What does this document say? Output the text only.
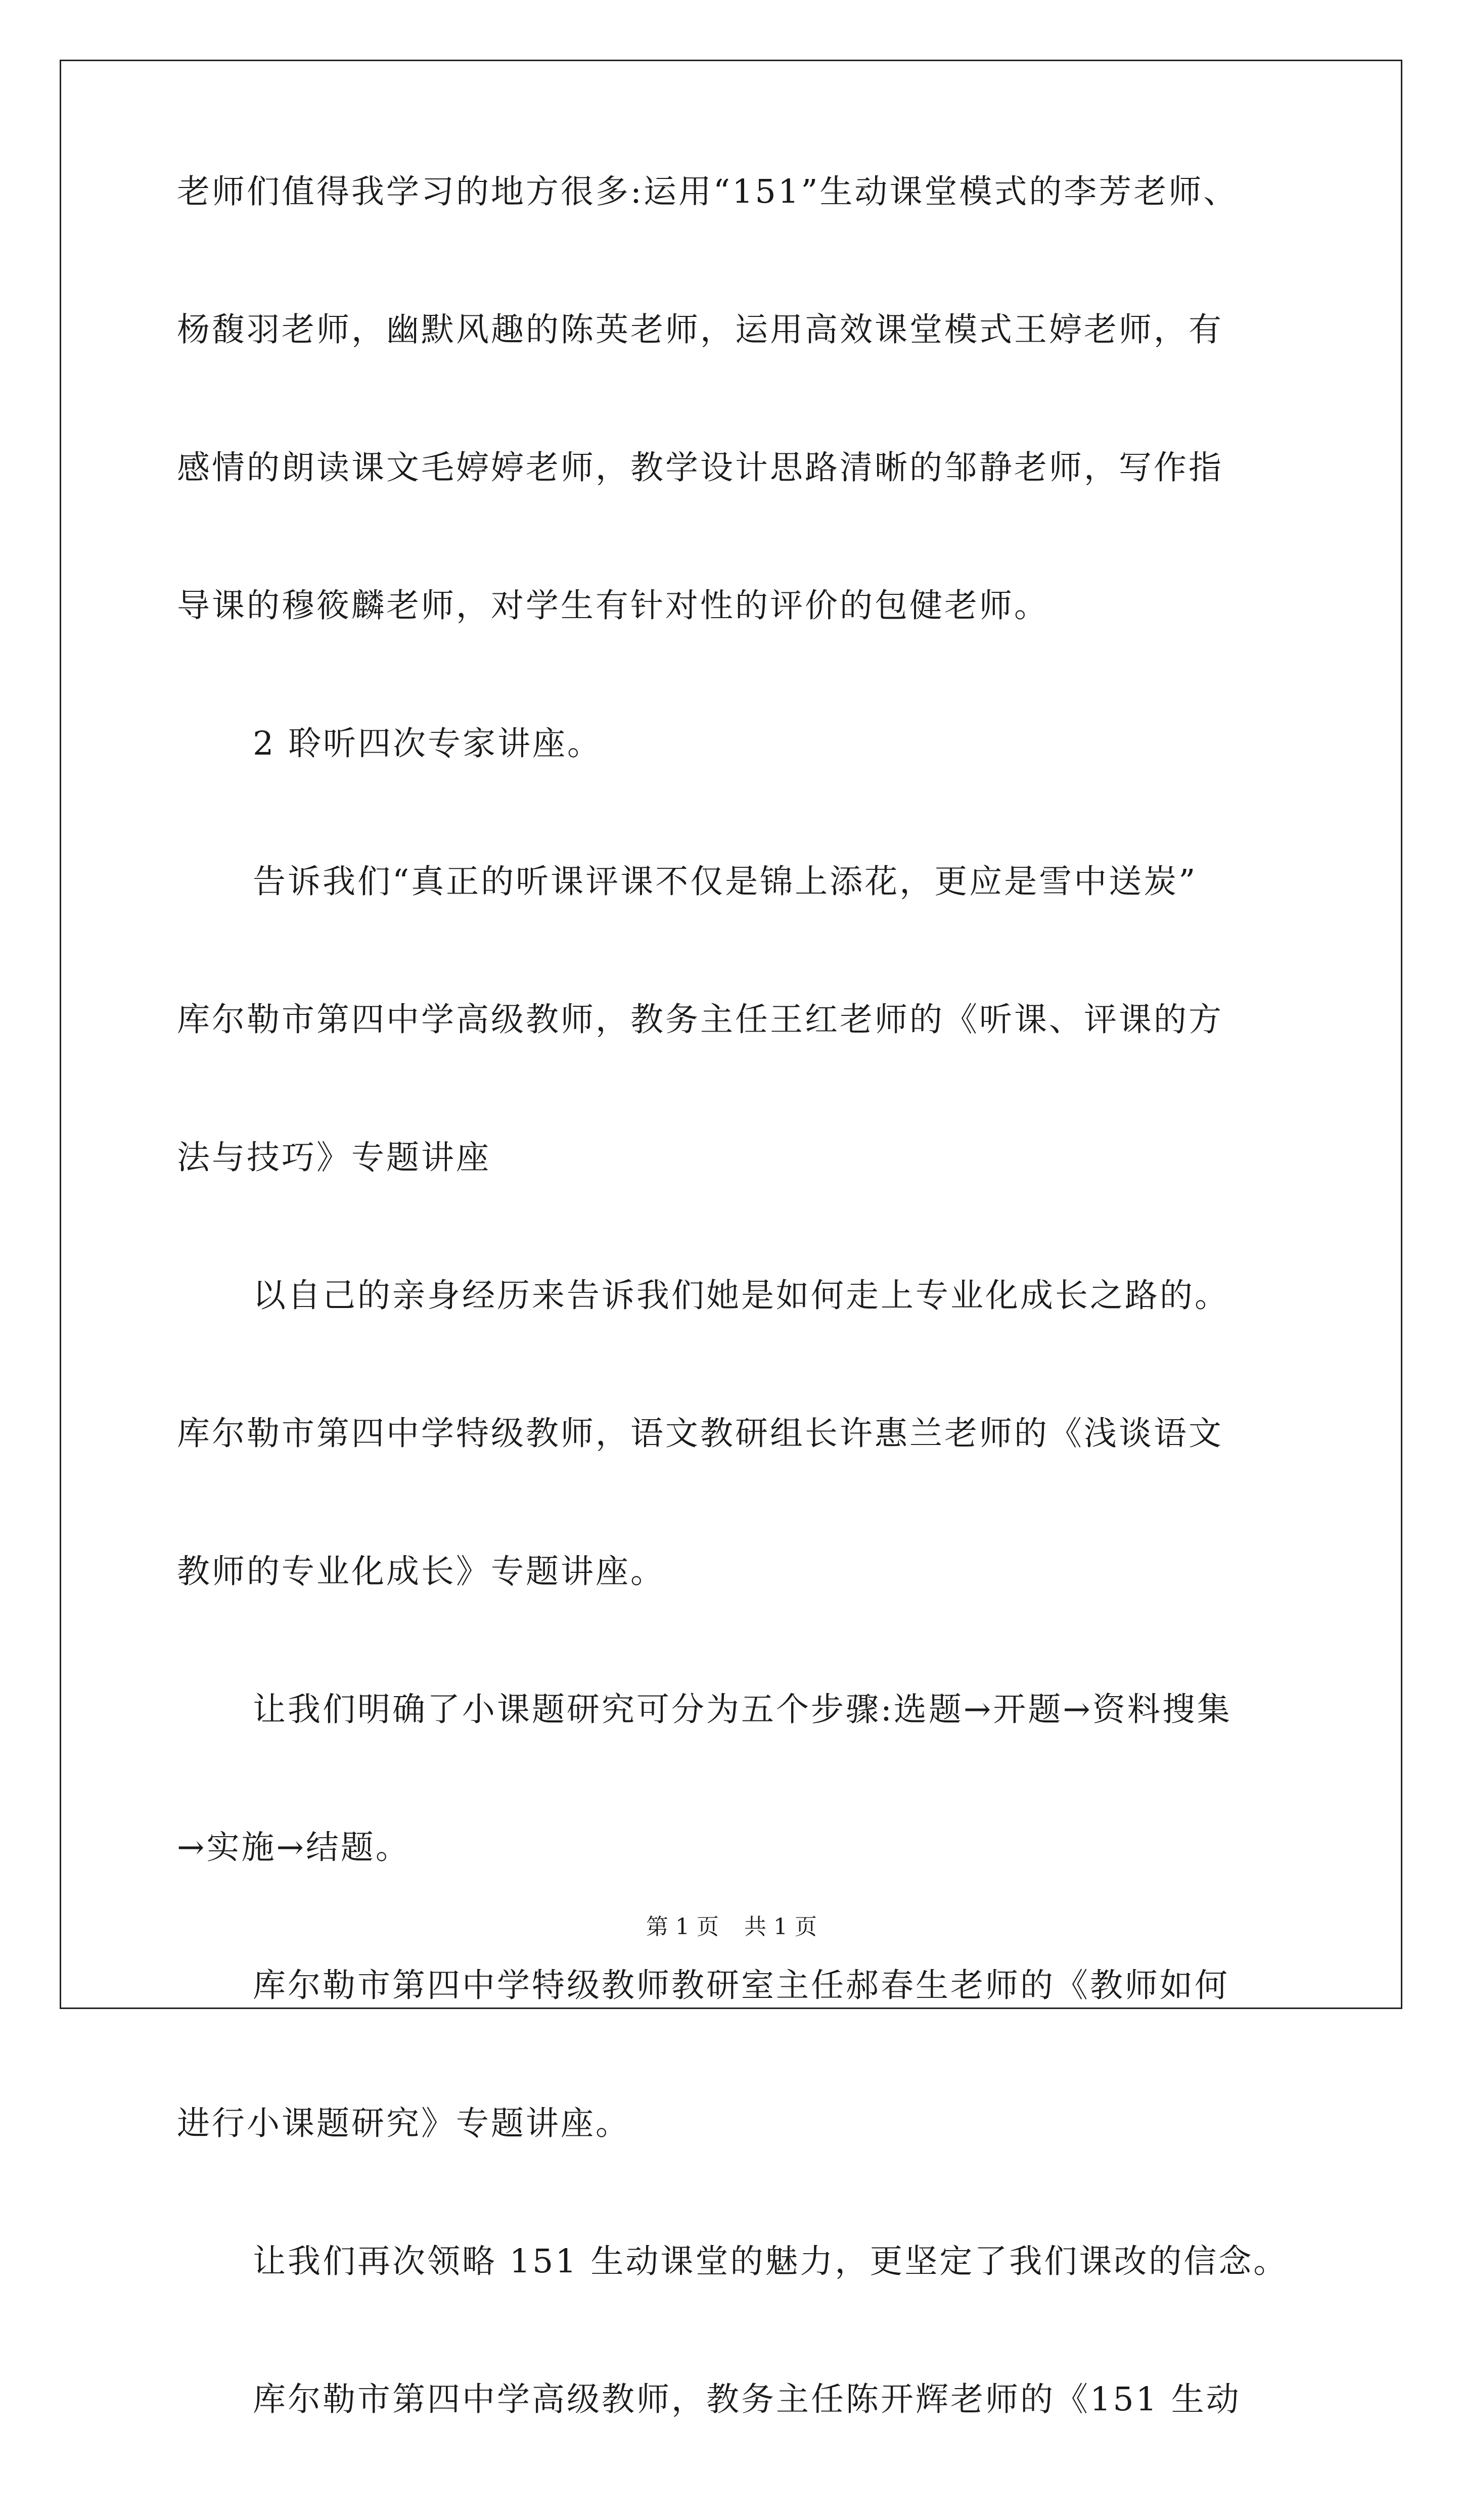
老师们值得我学习的地方很多:运用“151”生动课堂模式的李芳老师、
杨馥羽老师，幽默风趣的陈英老师，运用高效课堂模式王婷老师，有
感情的朗读课文毛婷婷老师，教学设计思路清晰的邹静老师，写作指
导课的穆筱麟老师，对学生有针对性的评价的包健老师。
2 聆听四次专家讲座。
告诉我们“真正的听课评课不仅是锦上添花，更应是雪中送炭”
库尔勒市第四中学高级教师，教务主任王红老师的《听课、评课的方
法与技巧》专题讲座
以自己的亲身经历来告诉我们她是如何走上专业化成长之路的。
库尔勒市第四中学特级教师，语文教研组长许惠兰老师的《浅谈语文
教师的专业化成长》专题讲座。
让我们明确了小课题研究可分为五个步骤:选题→开题→资料搜集
→实施→结题。
库尔勒市第四中学特级教师教研室主任郝春生老师的《教师如何
进行小课题研究》专题讲座。
让我们再次领略 151 生动课堂的魅力，更坚定了我们课改的信念。
库尔勒市第四中学高级教师，教务主任陈开辉老师的《151 生动
第 1 页 共 1 页
